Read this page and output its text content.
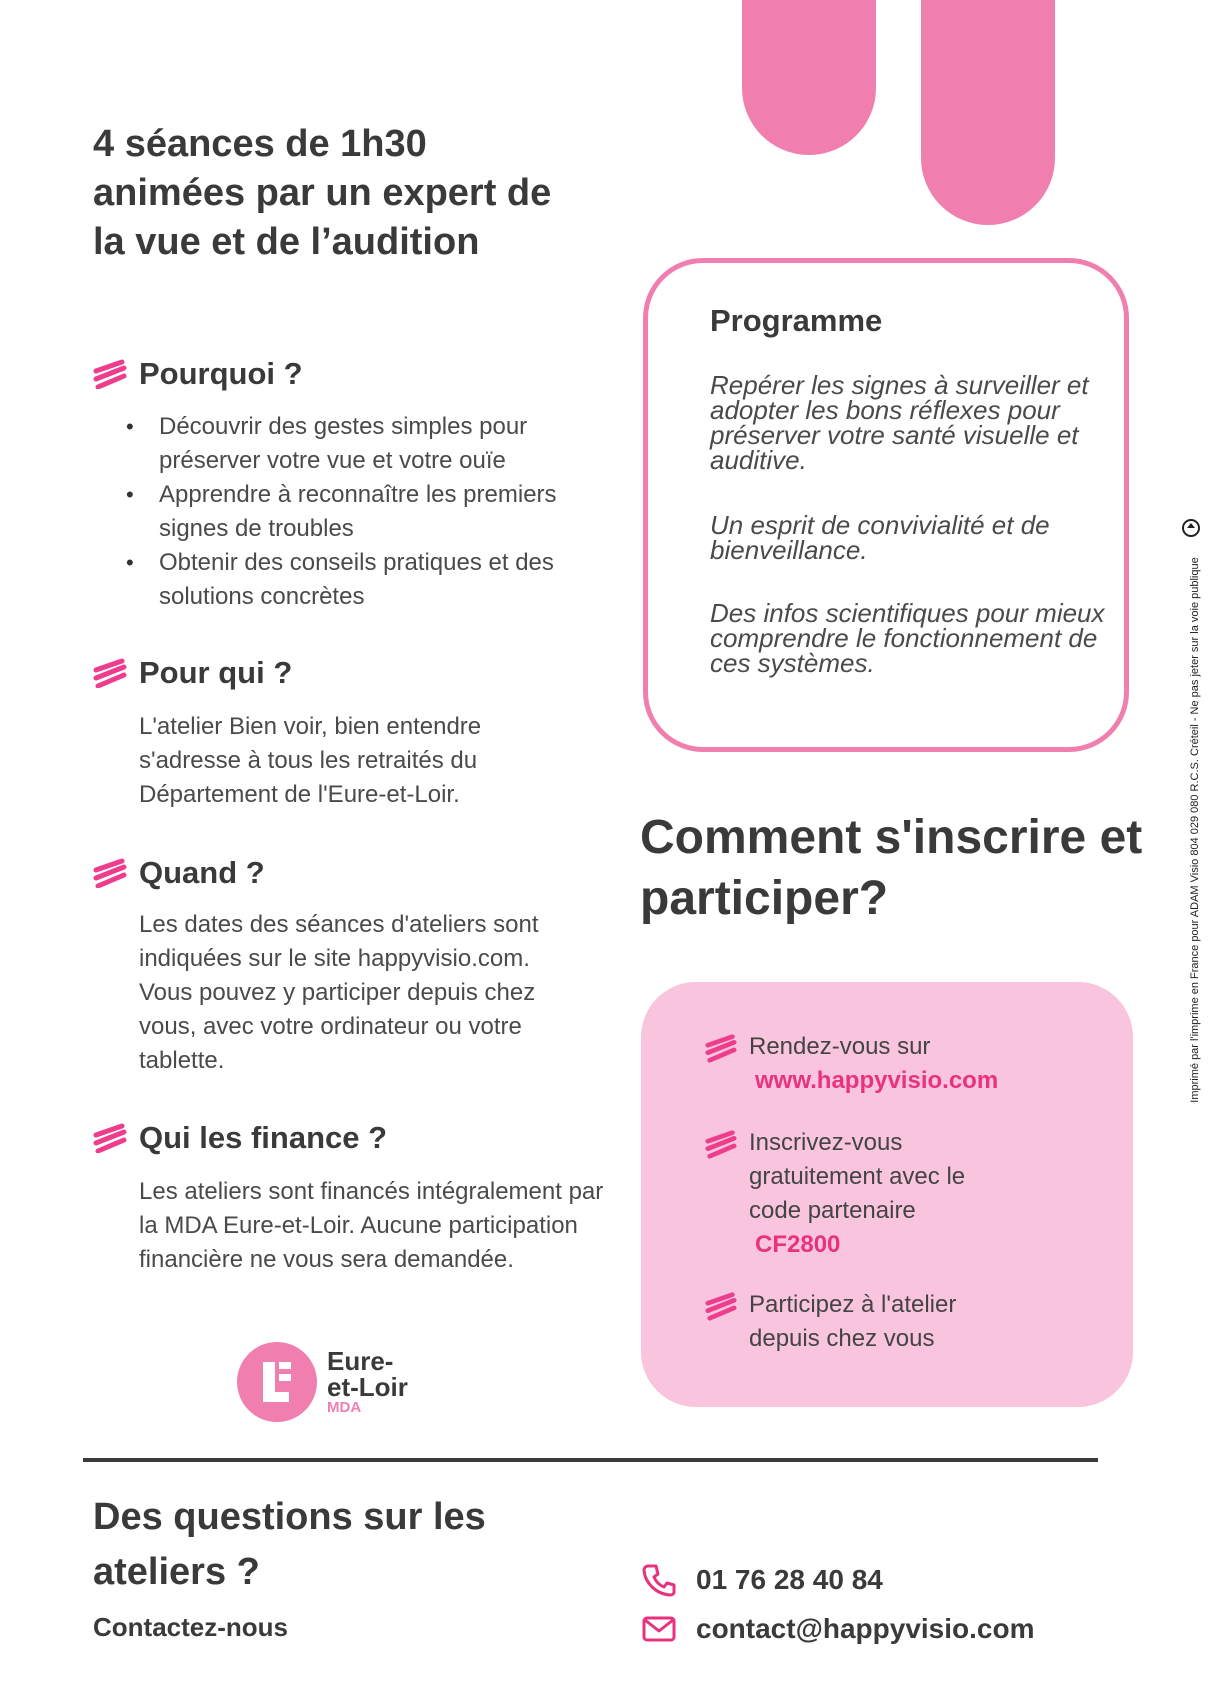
4 séances de 1h30 animées par un expert de la vue et de l’audition
Pourquoi ?
• Découvrir des gestes simples pour préserver votre vue et votre ouïe
• Apprendre à reconnaître les premiers signes de troubles
• Obtenir des conseils pratiques et des solutions concrètes
Pour qui ?
L'atelier Bien voir, bien entendre s'adresse à tous les retraités du Département de l'Eure-et-Loir.
Quand ?
Les dates des séances d'ateliers sont indiquées sur le site happyvisio.com. Vous pouvez y participer depuis chez vous, avec votre ordinateur ou votre tablette.
Qui les finance ?
Les ateliers sont financés intégralement par la MDA Eure-et-Loir. Aucune participation financière ne vous sera demandée.
Programme
Repérer les signes à surveiller et adopter les bons réflexes pour préserver votre santé visuelle et auditive.
Un esprit de convivialité et de bienveillance.
Des infos scientifiques pour mieux comprendre le fonctionnement de ces systèmes.
Comment s'inscrire et participer?
Rendez-vous sur
www.happyvisio.com
Inscrivez-vous gratuitement avec le code partenaire
CF2800
Participez à l'atelier depuis chez vous
Eure-
et-Loir
MDA
Des questions sur les ateliers ?
Contactez-nous
01 76 28 40 84
contact@happyvisio.com
Imprimé par l'imprime en France pour ADAM Visio 804 029 080 R.C.S. Créteil - Ne pas jeter sur la voie publique
